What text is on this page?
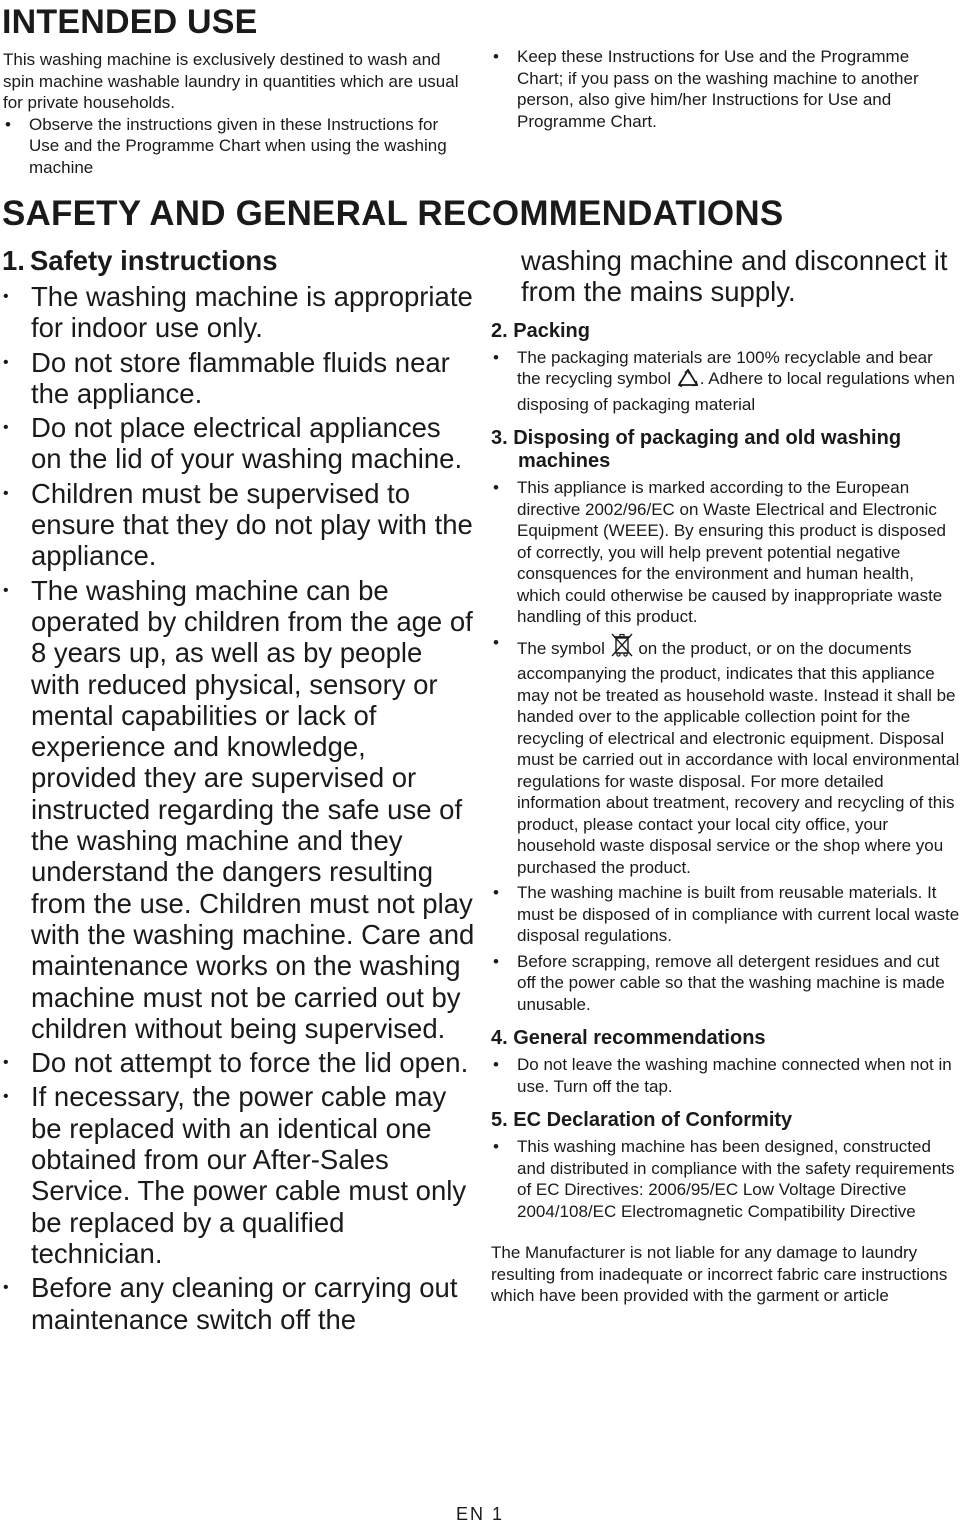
INTENDED USE

This washing machine is exclusively destined to wash and spin machine washable laundry in quantities which are usual for private households.

• Observe the instructions given in these Instructions for Use and the Programme Chart when using the washing machine
• Keep these Instructions for Use and the Programme Chart; if you pass on the washing machine to another person, also give him/her Instructions for Use and Programme Chart.
SAFETY AND GENERAL RECOMMENDATIONS
1. Safety instructions
• The washing machine is appropriate for indoor use only.
• Do not store flammable fluids near the appliance.
• Do not place electrical appliances on the lid of your washing machine.
• Children must be supervised to ensure that they do not play with the appliance.
• The washing machine can be operated by children from the age of 8 years up, as well as by people with reduced physical, sensory or mental capabilities or lack of experience and knowledge, provided they are supervised or instructed regarding the safe use of the washing machine and they understand the dangers resulting from the use. Children must not play with the washing machine. Care and maintenance works on the washing machine must not be carried out by children without being supervised.
• Do not attempt to force the lid open.
• If necessary, the power cable may be replaced with an identical one obtained from our After-Sales Service. The power cable must only be replaced by a qualified technician.
• Before any cleaning or carrying out maintenance switch off the

washing machine and disconnect it from the mains supply.

2. Packing
• The packaging materials are 100% recyclable and bear the recycling symbol . Adhere to local regulations when disposing of packaging material
3. Disposing of packaging and old washing machines
• This appliance is marked according to the European directive 2002/96/EC on Waste Electrical and Electronic Equipment (WEEE). By ensuring this product is disposed of correctly, you will help prevent potential negative consquences for the environment and human health, which could otherwise be caused by inappropriate waste handling of this product.
• The symbol on the product, or on the documents accompanying the product, indicates that this appliance may not be treated as household waste. Instead it shall be handed over to the applicable collection point for the recycling of electrical and electronic equipment. Disposal must be carried out in accordance with local environmental regulations for waste disposal. For more detailed information about treatment, recovery and recycling of this product, please contact your local city office, your household waste disposal service or the shop where you purchased the product.
• The washing machine is built from reusable materials. It must be disposed of in compliance with current local waste disposal regulations.
• Before scrapping, remove all detergent residues and cut off the power cable so that the washing machine is made unusable.
4. General recommendations
• Do not leave the washing machine connected when not in use. Turn off the tap.
5. EC Declaration of Conformity
• This washing machine has been designed, constructed and distributed in compliance with the safety requirements of EC Directives: 2006/95/EC Low Voltage Directive 2004/108/EC Electromagnetic Compatibility Directive

The Manufacturer is not liable for any damage to laundry resulting from inadequate or incorrect fabric care instructions which have been provided with the garment or article

EN 1
